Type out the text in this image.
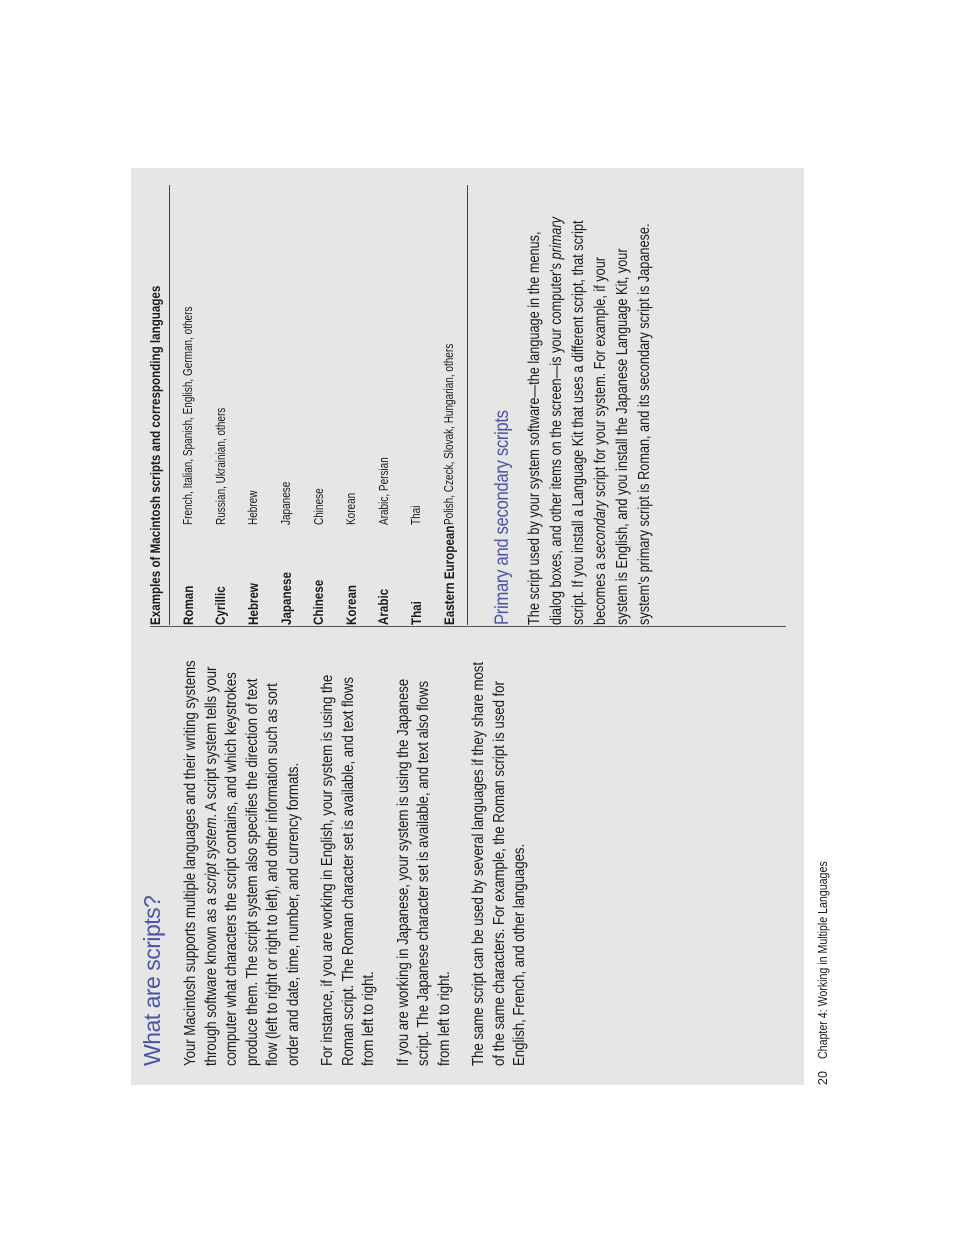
What are scripts? Your Macintosh supports multiple languages and their writing systems through software known as a script system. A script system tells your computer what characters the script contains, and which keystrokes produce them. The script system also specifies the direction of text flow (left to right or right to left), and other information such as sort order and date, time, number, and currency formats. For instance, if you are working in English, your system is using the Roman script. The Roman character set is available, and text flows from left to right. If you are working in Japanese, your system is using the Japanese script. The Japanese character set is available, and text also flows from left to right. The same script can be used by several languages if they share most of the same characters. For example, the Roman script is used for English, French, and other languages.

Examples of Macintosh scripts and corresponding languages	Roman
French, Italian, Spanish, English, German, others
Cyrillic
Russian, Ukrainian, others
Hebrew
Hebrew
Japanese
Japanese
Chinese
Chinese
Korean
Korean
Arabic
Arabic, Persian
Thai
Thai
Eastern European
Polish, Czeck, Slovak, Hungarian, others	Primary and secondary scripts The script used by your system software—the language in the menus, dialog boxes, and other items on the screen—is your computer's primary script. If you install a Language Kit that uses a different script, that script becomes a secondary script for your system. For example, if your system is English, and you install the Japanese Language Kit, your system's primary script is Roman, and its secondary script is Japanese.

20Chapter 4: Working in Multiple Languages
